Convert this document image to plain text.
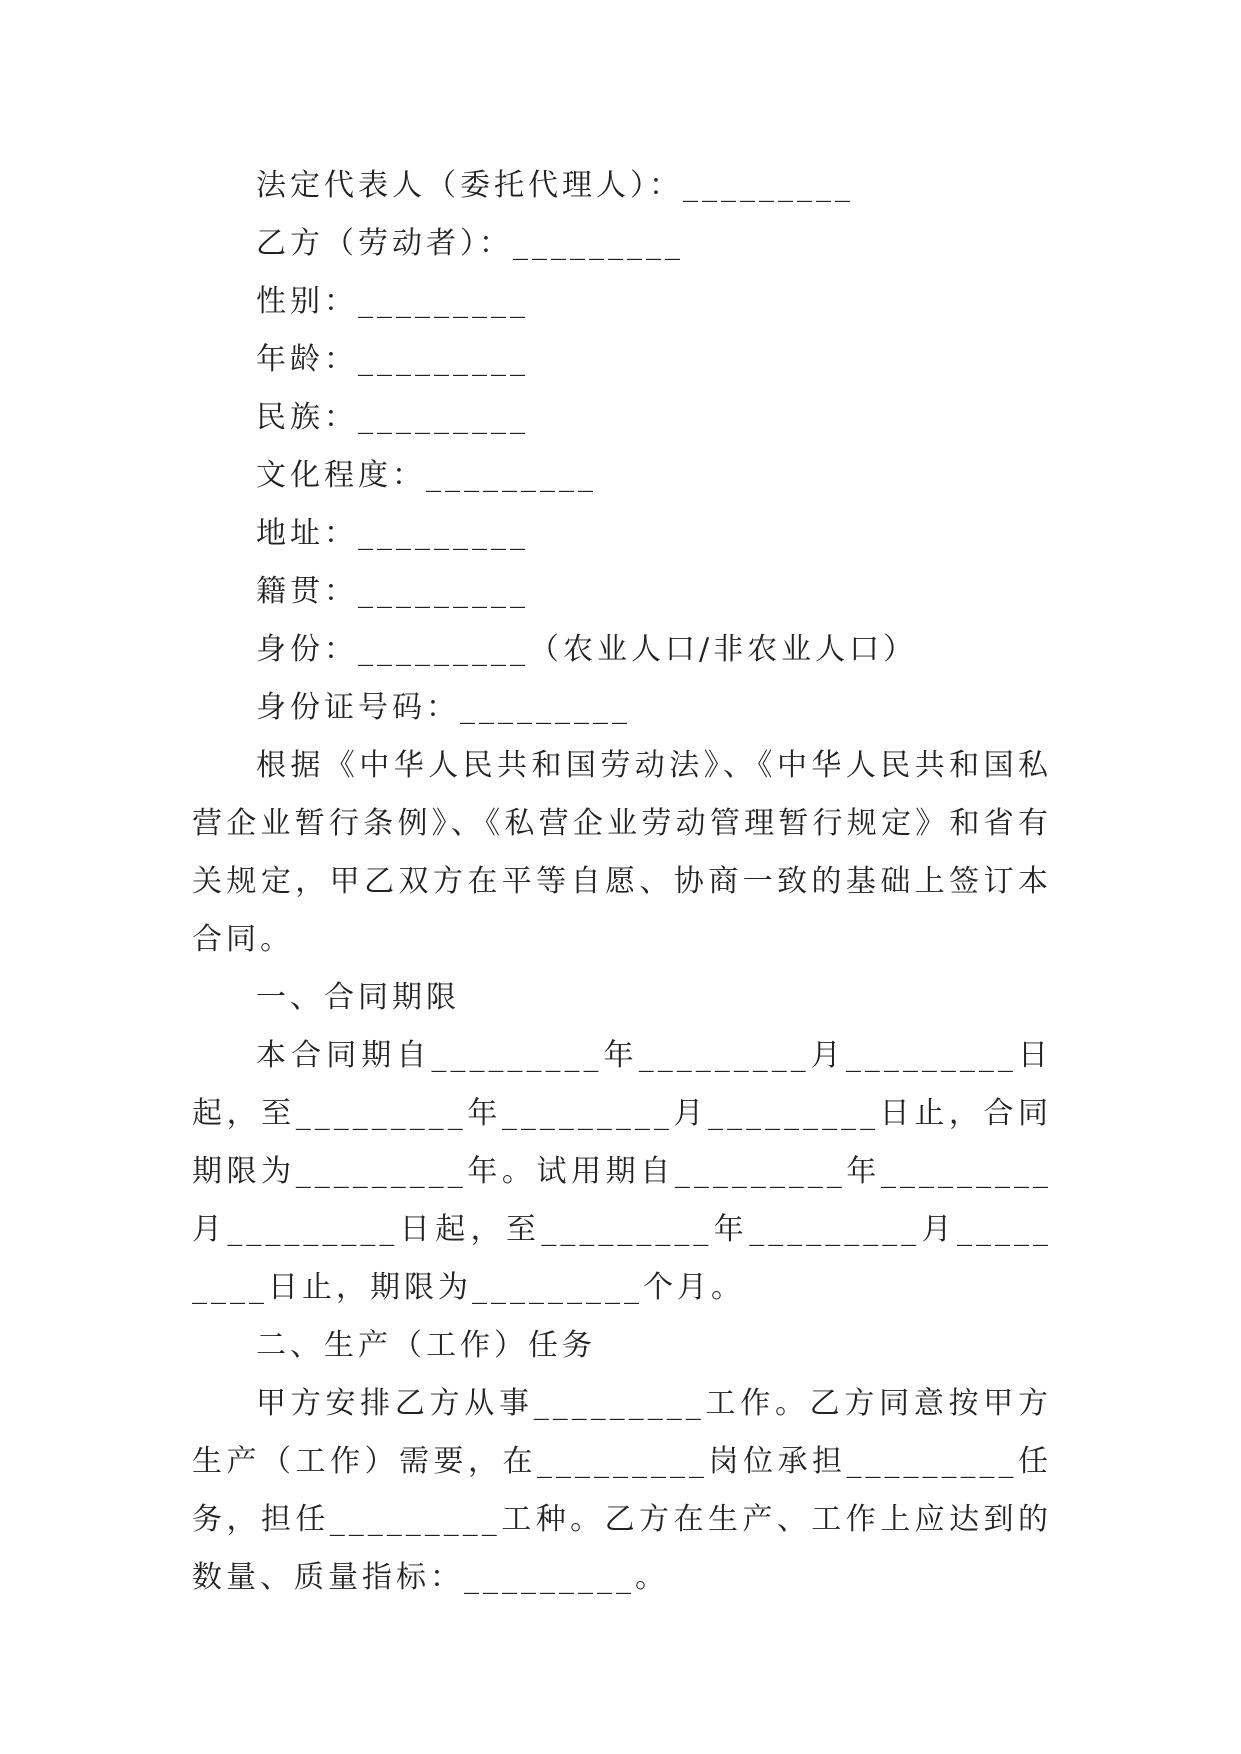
法定代表人（委托代理人）：_________

乙方（劳动者）：_________

性别：_________

年龄：_________

民族：_________

文化程度：_________

地址：_________

籍贯：_________

身份：_________（农业人口/非农业人口）

身份证号码：_________

根据《中华人民共和国劳动法》、《中华人民共和国私营企业暂行条例》、《私营企业劳动管理暂行规定》和省有关规定，甲乙双方在平等自愿、协商一致的基础上签订本合同。

一、合同期限

本合同期自_________年_________月_________日起，至_________年_________月_________日止，合同期限为_________年。试用期自_________年_________月_________日起，至_________年_________月_________日止，期限为_________个月。

二、生产（工作）任务

甲方安排乙方从事_________工作。乙方同意按甲方生产（工作）需要，在_________岗位承担_________任务，担任_________工种。乙方在生产、工作上应达到的数量、质量指标：_________。
